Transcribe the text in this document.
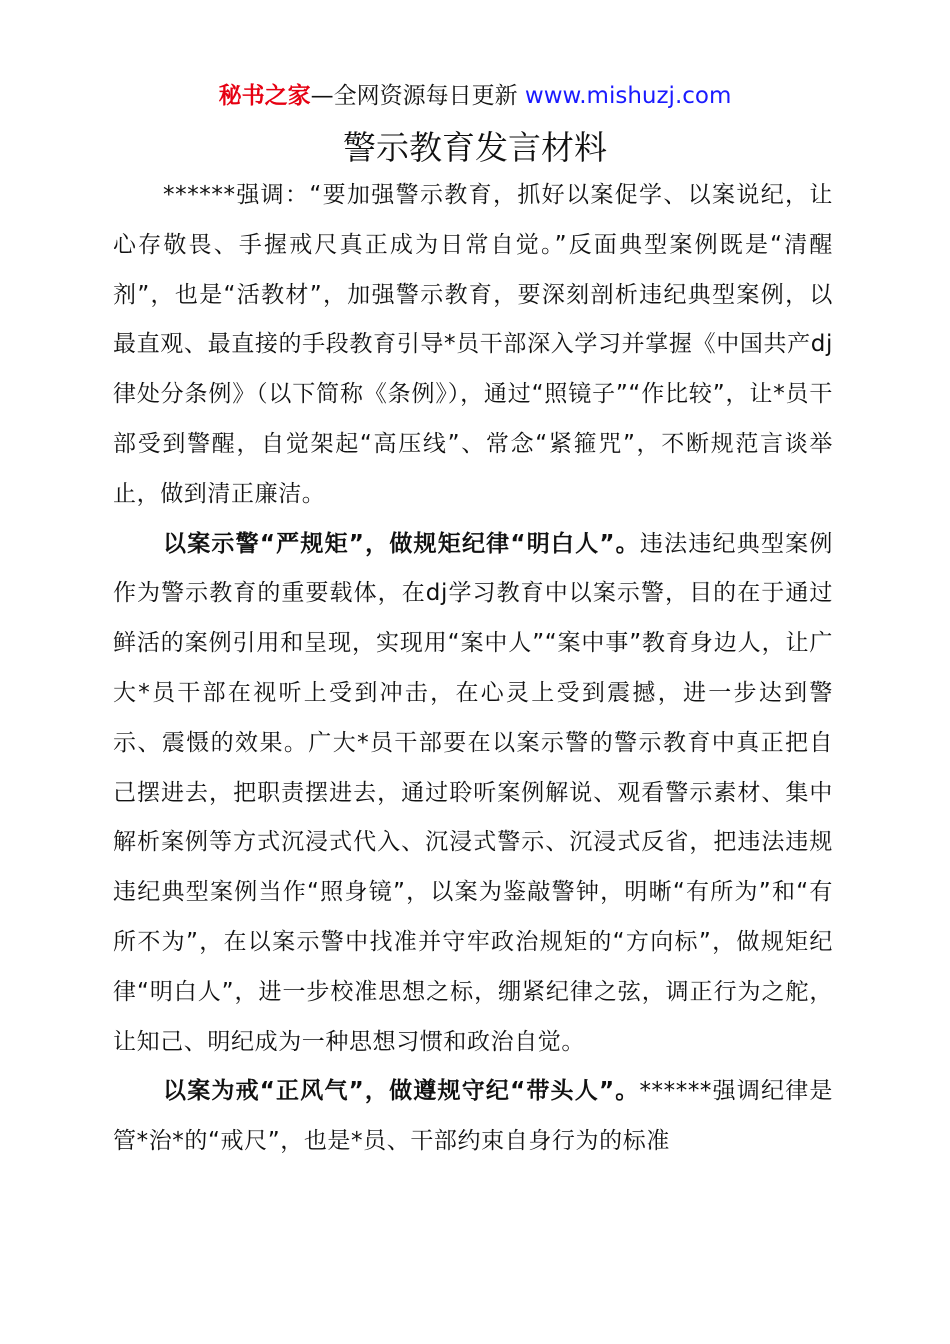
秘书之家—全网资源每日更新 www.mishuzj.com
警示教育发言材料

******强调：“要加强警示教育，抓好以案促学、以案说纪，让心存敬畏、手握戒尺真正成为日常自觉。”反面典型案例既是“清醒剂”，也是“活教材”，加强警示教育，要深刻剖析违纪典型案例，以最直观、最直接的手段教育引导*员干部深入学习并掌握《中国共产dj律处分条例》（以下简称《条例》），通过“照镜子”“作比较”，让*员干部受到警醒，自觉架起“高压线”、常念“紧箍咒”，不断规范言谈举止，做到清正廉洁。

以案示警“严规矩”，做规矩纪律“明白人”。违法违纪典型案例作为警示教育的重要载体，在dj学习教育中以案示警，目的在于通过鲜活的案例引用和呈现，实现用“案中人”“案中事”教育身边人，让广大*员干部在视听上受到冲击，在心灵上受到震撼，进一步达到警示、震慑的效果。广大*员干部要在以案示警的警示教育中真正把自己摆进去，把职责摆进去，通过聆听案例解说、观看警示素材、集中解析案例等方式沉浸式代入、沉浸式警示、沉浸式反省，把违法违规违纪典型案例当作“照身镜”，以案为鉴敲警钟，明晰“有所为”和“有所不为”，在以案示警中找准并守牢政治规矩的“方向标”，做规矩纪律“明白人”，进一步校准思想之标，绷紧纪律之弦，调正行为之舵，让知己、明纪成为一种思想习惯和政治自觉。

以案为戒“正风气”，做遵规守纪“带头人”。******强调纪律是管*治*的“戒尺”，也是*员、干部约束自身行为的标准
